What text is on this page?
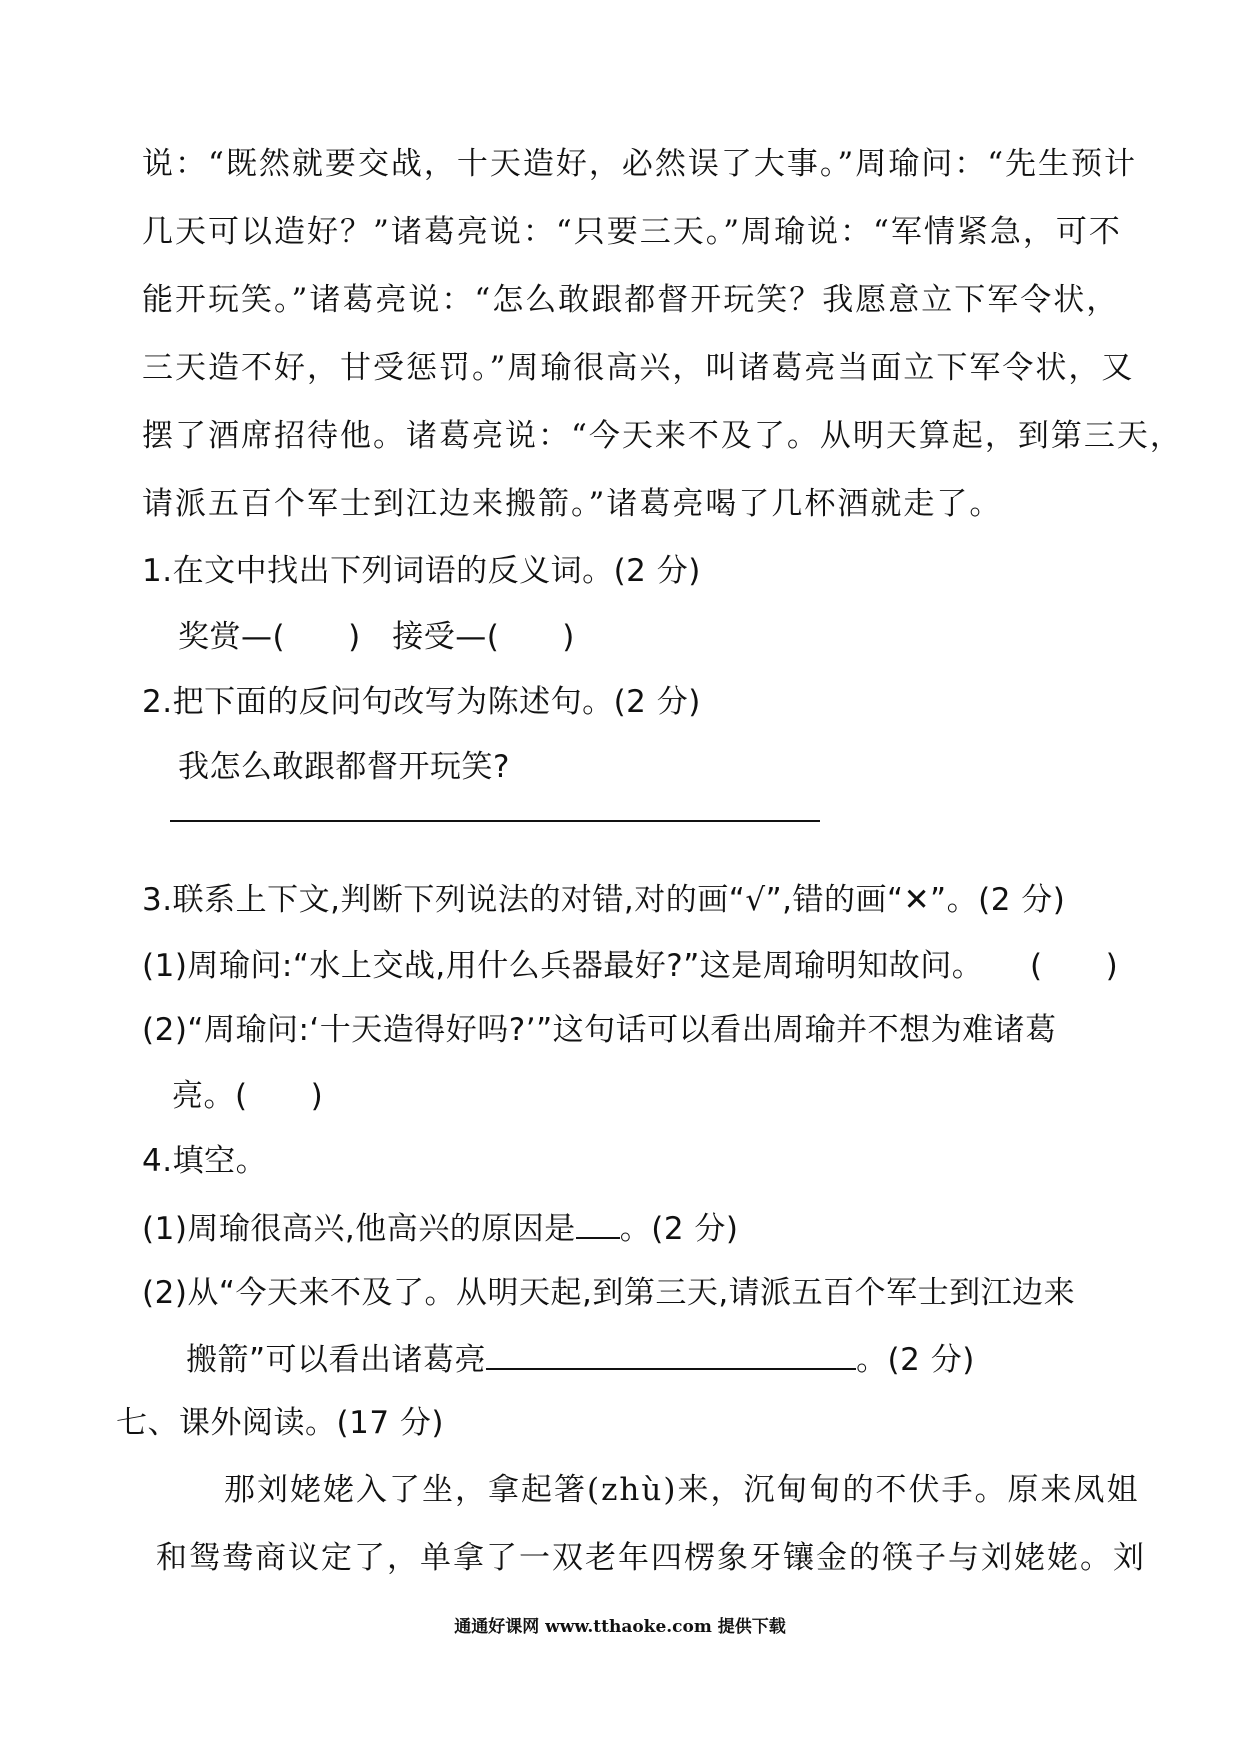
说：“既然就要交战，十天造好，必然误了大事。”周瑜问：“先生预计
几天可以造好？”诸葛亮说：“只要三天。”周瑜说：“军情紧急，可不
能开玩笑。”诸葛亮说：“怎么敢跟都督开玩笑？我愿意立下军令状，
三天造不好，甘受惩罚。”周瑜很高兴，叫诸葛亮当面立下军令状，又
摆了酒席招待他。诸葛亮说：“今天来不及了。从明天算起，到第三天，
请派五百个军士到江边来搬箭。”诸葛亮喝了几杯酒就走了。
1.在文中找出下列词语的反义词。(2 分)
奖赏—(　　)　接受—(　　)
2.把下面的反问句改写为陈述句。(2 分)
我怎么敢跟都督开玩笑?
3.联系上下文,判断下列说法的对错,对的画“√”,错的画“✕”。(2 分)
(1)周瑜问:“水上交战,用什么兵器最好?”这是周瑜明知故问。 (　　)
(2)“周瑜问:‘十天造得好吗?’”这句话可以看出周瑜并不想为难诸葛
亮。(　　)
4.填空。
(1)周瑜很高兴,他高兴的原因是 。(2 分)
(2)从“今天来不及了。从明天起,到第三天,请派五百个军士到江边来
搬箭”可以看出诸葛亮	。(2 分)
七、课外阅读。(17 分)
那刘姥姥入了坐，拿起箸(zhù)来，沉甸甸的不伏手。原来凤姐
和鸳鸯商议定了，单拿了一双老年四楞象牙镶金的筷子与刘姥姥。刘
通通好课网 www.tthaoke.com 提供下载
